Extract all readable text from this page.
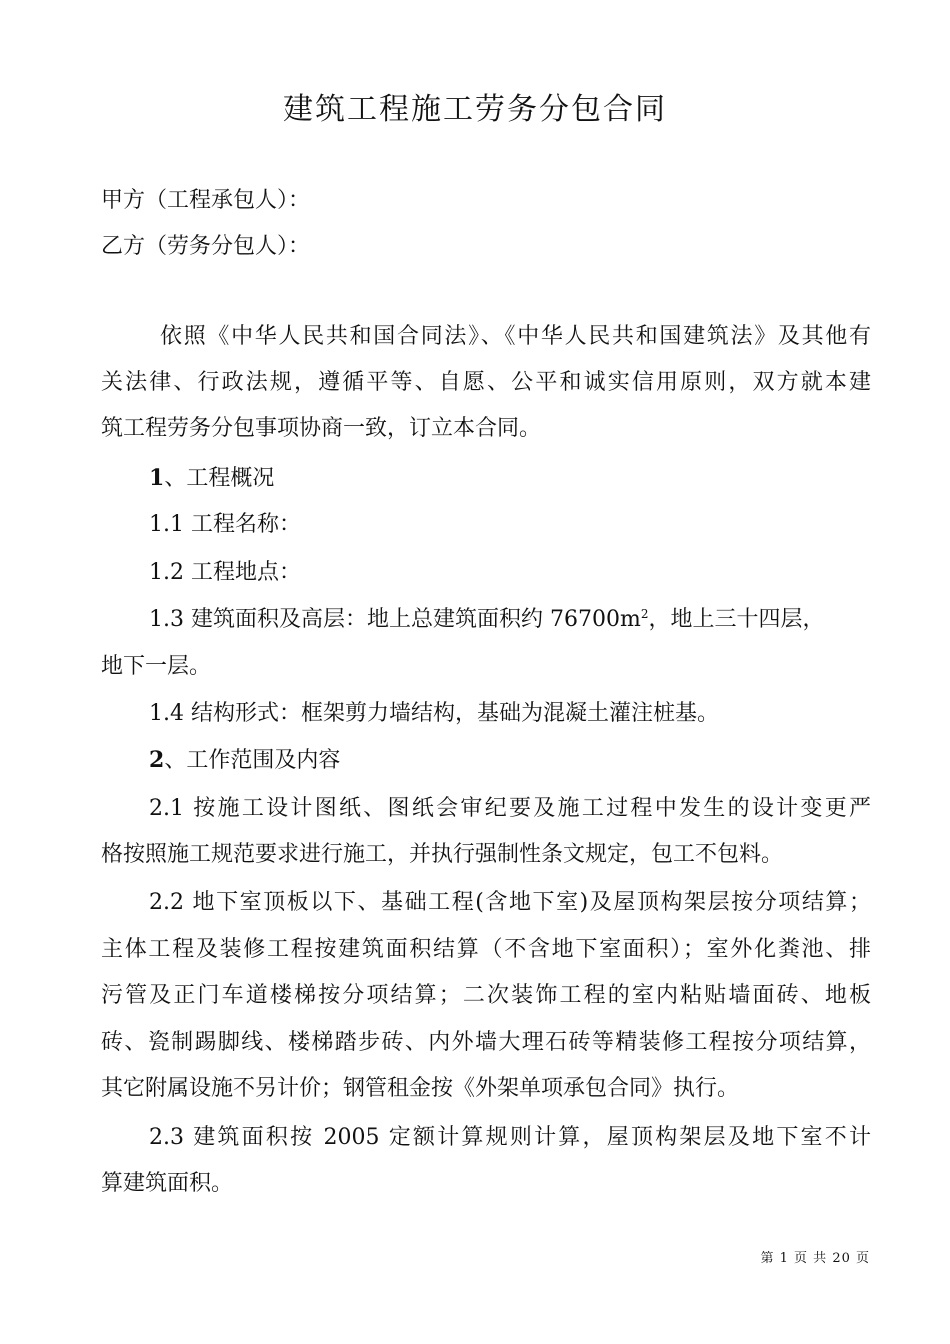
建筑工程施工劳务分包合同
甲方（工程承包人）：
乙方（劳务分包人）：
依照《中华人民共和国合同法》、《中华人民共和国建筑法》及其他有
关法律、行政法规，遵循平等、自愿、公平和诚实信用原则，双方就本建
筑工程劳务分包事项协商一致，订立本合同。
1、工程概况
1.1 工程名称：
1.2 工程地点：
1.3 建筑面积及高层：地上总建筑面积约 $76700m^2$，地上三十四层，
地下一层。
1.4 结构形式：框架剪力墙结构，基础为混凝土灌注桩基。
2、工作范围及内容
2.1 按施工设计图纸、图纸会审纪要及施工过程中发生的设计变更严
格按照施工规范要求进行施工，并执行强制性条文规定，包工不包料。
2.2 地下室顶板以下、基础工程(含地下室)及屋顶构架层按分项结算；
主体工程及装修工程按建筑面积结算（不含地下室面积）；室外化粪池、排
污管及正门车道楼梯按分项结算；二次装饰工程的室内粘贴墙面砖、地板
砖、瓷制踢脚线、楼梯踏步砖、内外墙大理石砖等精装修工程按分项结算，
其它附属设施不另计价；钢管租金按《外架单项承包合同》执行。
2.3 建筑面积按 2005 定额计算规则计算，屋顶构架层及地下室不计
算建筑面积。
第 1 页 共 20 页
